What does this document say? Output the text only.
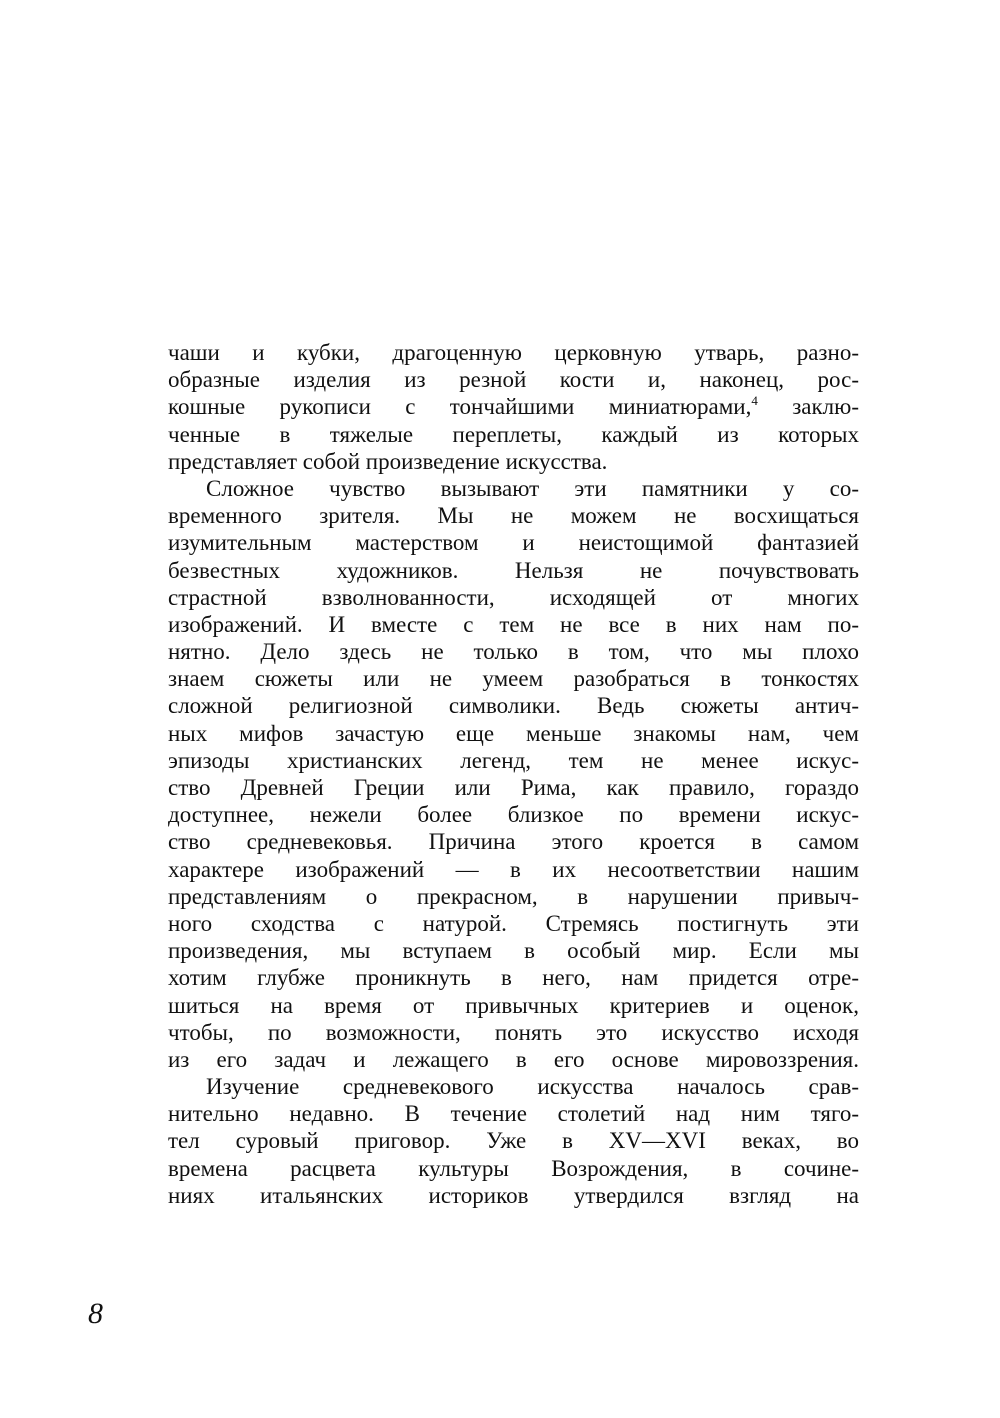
чаши и кубки, драгоценную церковную утварь, разно-
образные изделия из резной кости и, наконец, рос-
кошные рукописи с тончайшими миниатюрами,$^4$ заклю-
ченные в тяжелые переплеты, каждый из которых
представляет собой произведение искусства.
Сложное чувство вызывают эти памятники у со-
временного зрителя. Мы не можем не восхищаться
изумительным мастерством и неистощимой фантазией
безвестных художников. Нельзя не почувствовать
страстной взволнованности, исходящей от многих
изображений. И вместе с тем не все в них нам по-
нятно. Дело здесь не только в том, что мы плохо
знаем сюжеты или не умеем разобраться в тонкостях
сложной религиозной символики. Ведь сюжеты антич-
ных мифов зачастую еще меньше знакомы нам, чем
эпизоды христианских легенд, тем не менее искус-
ство Древней Греции или Рима, как правило, гораздо
доступнее, нежели более близкое по времени искус-
ство средневековья. Причина этого кроется в самом
характере изображений — в их несоответствии нашим
представлениям о прекрасном, в нарушении привыч-
ного сходства с натурой. Стремясь постигнуть эти
произведения, мы вступаем в особый мир. Если мы
хотим глубже проникнуть в него, нам придется отре-
шиться на время от привычных критериев и оценок,
чтобы, по возможности, понять это искусство исходя
из его задач и лежащего в его основе мировоззрения.
Изучение средневекового искусства началось срав-
нительно недавно. В течение столетий над ним тяго-
тел суровый приговор. Уже в XV—XVI веках, во
времена расцвета культуры Возрождения, в сочине-
ниях итальянских историков утвердился взгляд на
8
